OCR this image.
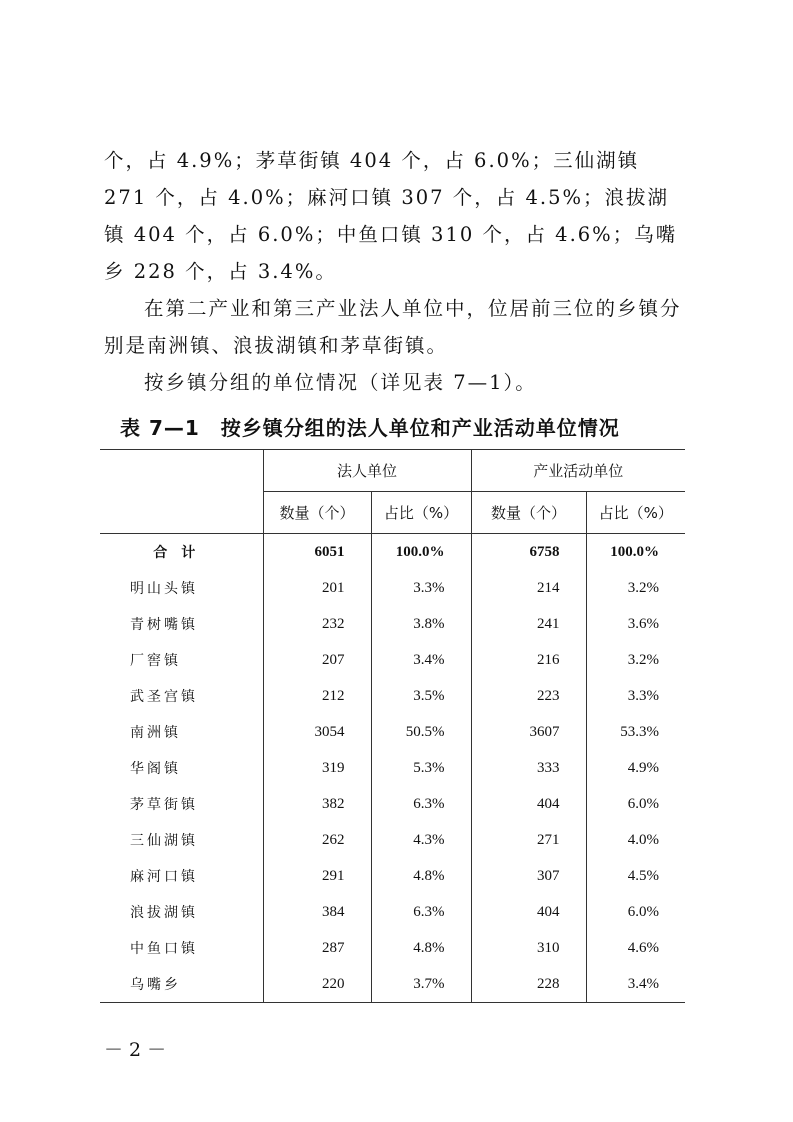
个，占 4.9%；茅草街镇 404 个，占 6.0%；三仙湖镇 271 个，占 4.0%；麻河口镇 307 个，占 4.5%；浪拔湖镇 404 个，占 6.0%；中鱼口镇 310 个，占 4.6%；乌嘴乡 228 个，占 3.4%。

在第二产业和第三产业法人单位中，位居前三位的乡镇分别是南洲镇、浪拔湖镇和茅草街镇。

按乡镇分组的单位情况（详见表 7—1）。

表 7—1　按乡镇分组的法人单位和产业活动单位情况
	法人单位		产业活动单位	
	数量（个）	占比（%）	数量（个）	占比（%）
合计	6051	100.0%	6758	100.0%
明山头镇	201	3.3%	214	3.2%
青树嘴镇	232	3.8%	241	3.6%
厂窖镇	207	3.4%	216	3.2%
武圣宫镇	212	3.5%	223	3.3%
南洲镇	3054	50.5%	3607	53.3%
华阁镇	319	5.3%	333	4.9%
茅草街镇	382	6.3%	404	6.0%
三仙湖镇	262	4.3%	271	4.0%
麻河口镇	291	4.8%	307	4.5%
浪拔湖镇	384	6.3%	404	6.0%
中鱼口镇	287	4.8%	310	4.6%
乌嘴乡	220	3.7%	228	3.4%
－ 2 －
